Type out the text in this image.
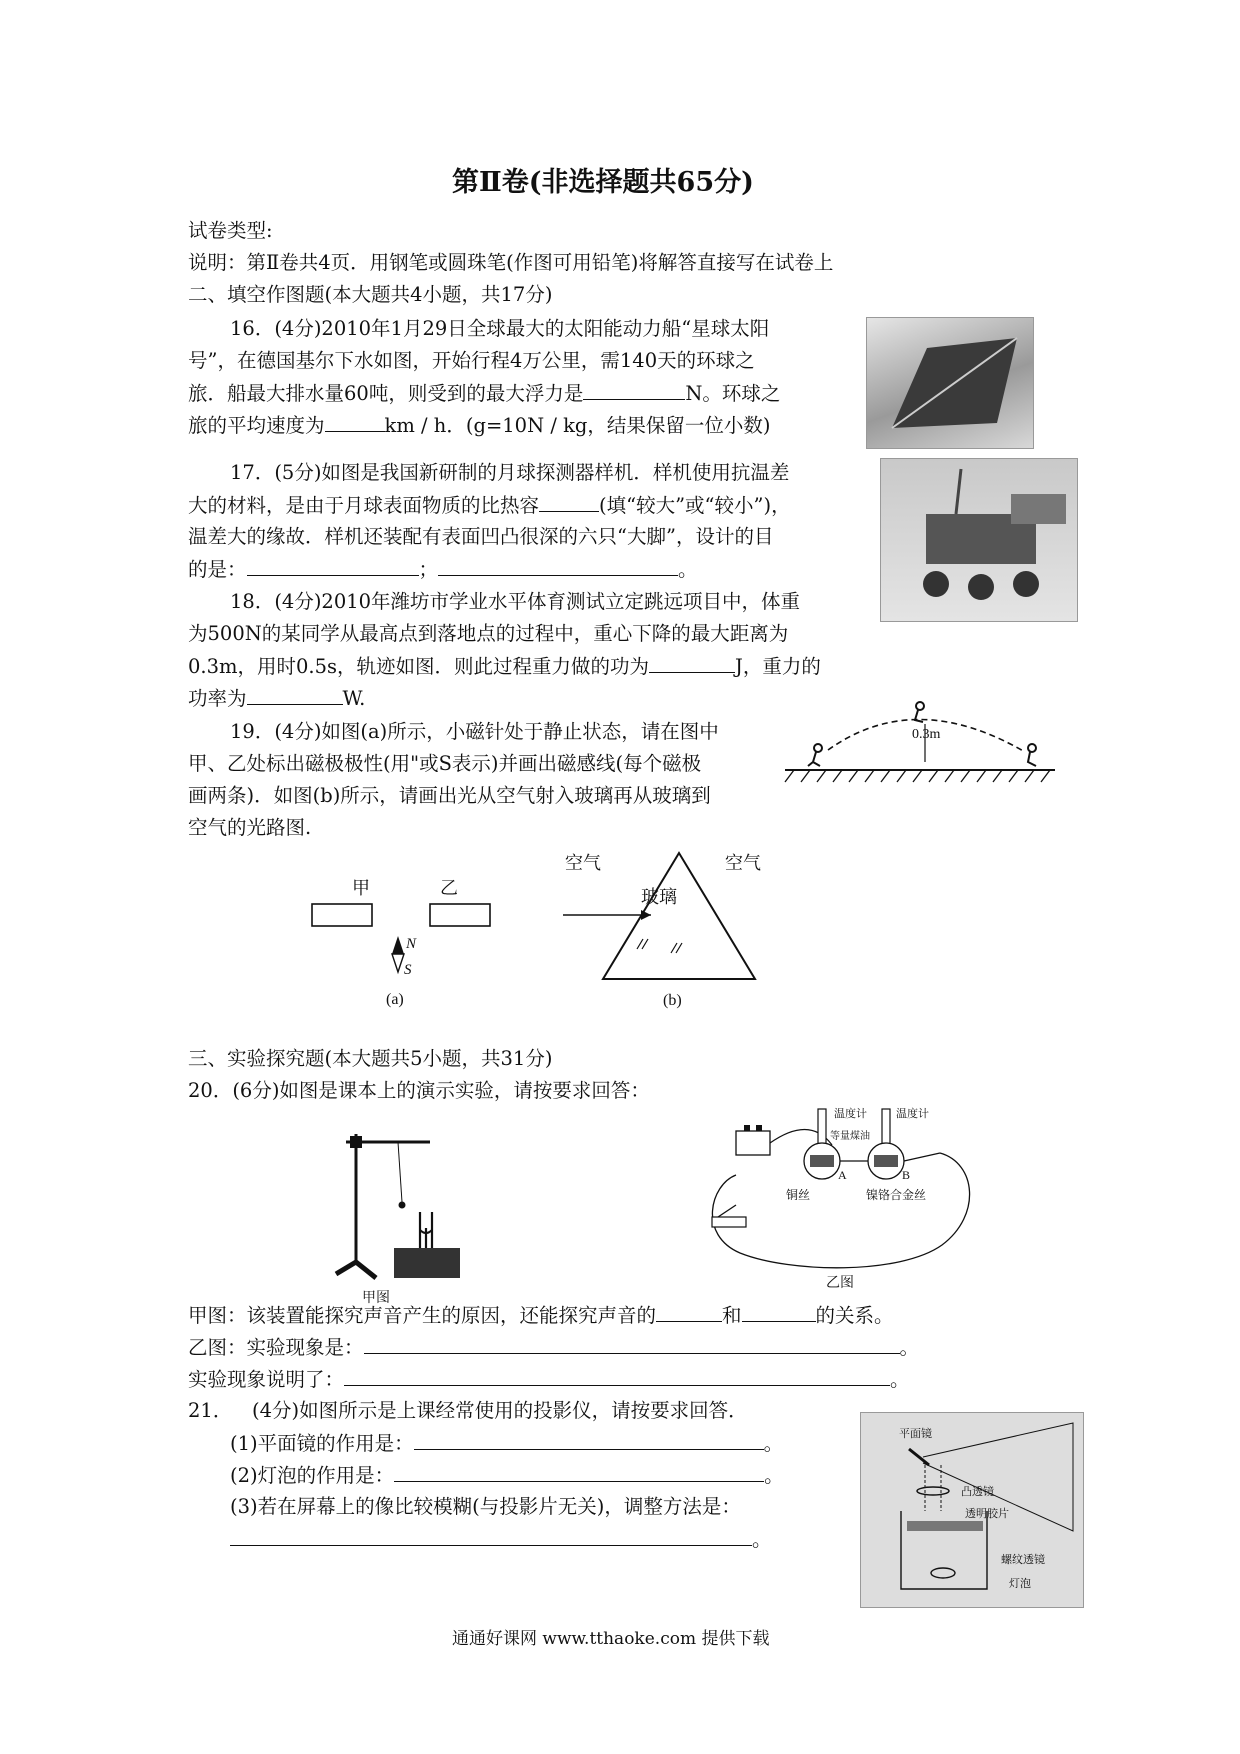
第Ⅱ卷(非选择题共65分)
试卷类型:
说明：第Ⅱ卷共4页．用钢笔或圆珠笔(作图可用铅笔)将解答直接写在试卷上
二、填空作图题(本大题共4小题，共17分)
16．(4分)2010年1月29日全球最大的太阳能动力船“星球太阳
号”，在德国基尔下水如图，开始行程4万公里，需140天的环球之
旅．船最大排水量60吨，则受到的最大浮力是	N。环球之
旅的平均速度为	km / h．(g=10N / kg，结果保留一位小数)
17．(5分)如图是我国新研制的月球探测器样机．样机使用抗温差
大的材料，是由于月球表面物质的比热容	(填“较大”或“较小”)，
温差大的缘故．样机还装配有表面凹凸很深的六只“大脚”，设计的目
的是：	；	。
18．(4分)2010年潍坊市学业水平体育测试立定跳远项目中，体重
为500N的某同学从最高点到落地点的过程中，重心下降的最大距离为
0.3m，用时0.5s，轨迹如图．则此过程重力做的功为	J，重力的
功率为	W.
0.3m
19．(4分)如图(a)所示，小磁针处于静止状态，请在图中
甲、乙处标出磁极极性(用"或S表示)并画出磁感线(每个磁极
画两条)．如图(b)所示，请画出光从空气射入玻璃再从玻璃到
空气的光路图.
甲	乙
N
S
(a)
空气	空气
玻璃
(b)
三、实验探究题(本大题共5小题，共31分)
20．(6分)如图是课本上的演示实验，请按要求回答：
甲图
温度计	温度计
等量煤油
A	B
铜丝	镍铬合金丝
乙图
甲图：该装置能探究声音产生的原因，还能探究声音的	和	的关系。
乙图：实验现象是：	。
实验现象说明了：	。
21． (4分)如图所示是上课经常使用的投影仪，请按要求回答．
(1)平面镜的作用是：	。
(2)灯泡的作用是：	。
(3)若在屏幕上的像比较模糊(与投影片无关)，调整方法是：
。
平面镜
凸透镜
透明胶片
螺纹透镜
灯泡
通通好课网 www.tthaoke.com 提供下载
